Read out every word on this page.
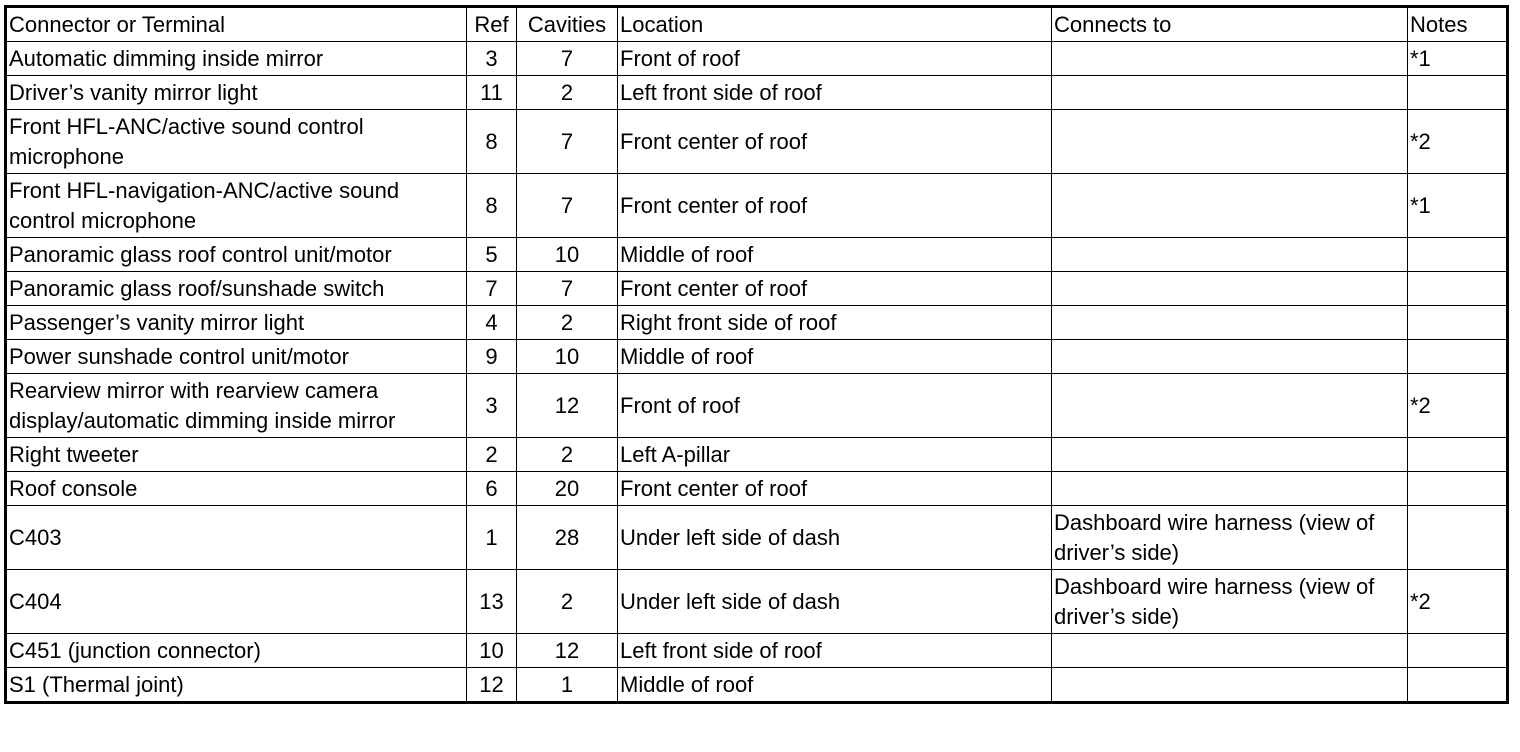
Connector or Terminal	Ref	Cavities	Location	Connects to	Notes
Automatic dimming inside mirror	3	7	Front of roof		*1
Driver’s vanity mirror light	11	2	Left front side of roof		
Front HFL-ANC/active sound control microphone	8	7	Front center of roof		*2
Front HFL-navigation-ANC/active sound control microphone	8	7	Front center of roof		*1
Panoramic glass roof control unit/motor	5	10	Middle of roof		
Panoramic glass roof/sunshade switch	7	7	Front center of roof		
Passenger’s vanity mirror light	4	2	Right front side of roof		
Power sunshade control unit/motor	9	10	Middle of roof		
Rearview mirror with rearview camera display/automatic dimming inside mirror	3	12	Front of roof		*2
Right tweeter	2	2	Left A-pillar		
Roof console	6	20	Front center of roof		
C403	1	28	Under left side of dash	Dashboard wire harness (view of driver’s side)	
C404	13	2	Under left side of dash	Dashboard wire harness (view of driver’s side)	*2
C451 (junction connector)	10	12	Left front side of roof		
S1 (Thermal joint)	12	1	Middle of roof		
